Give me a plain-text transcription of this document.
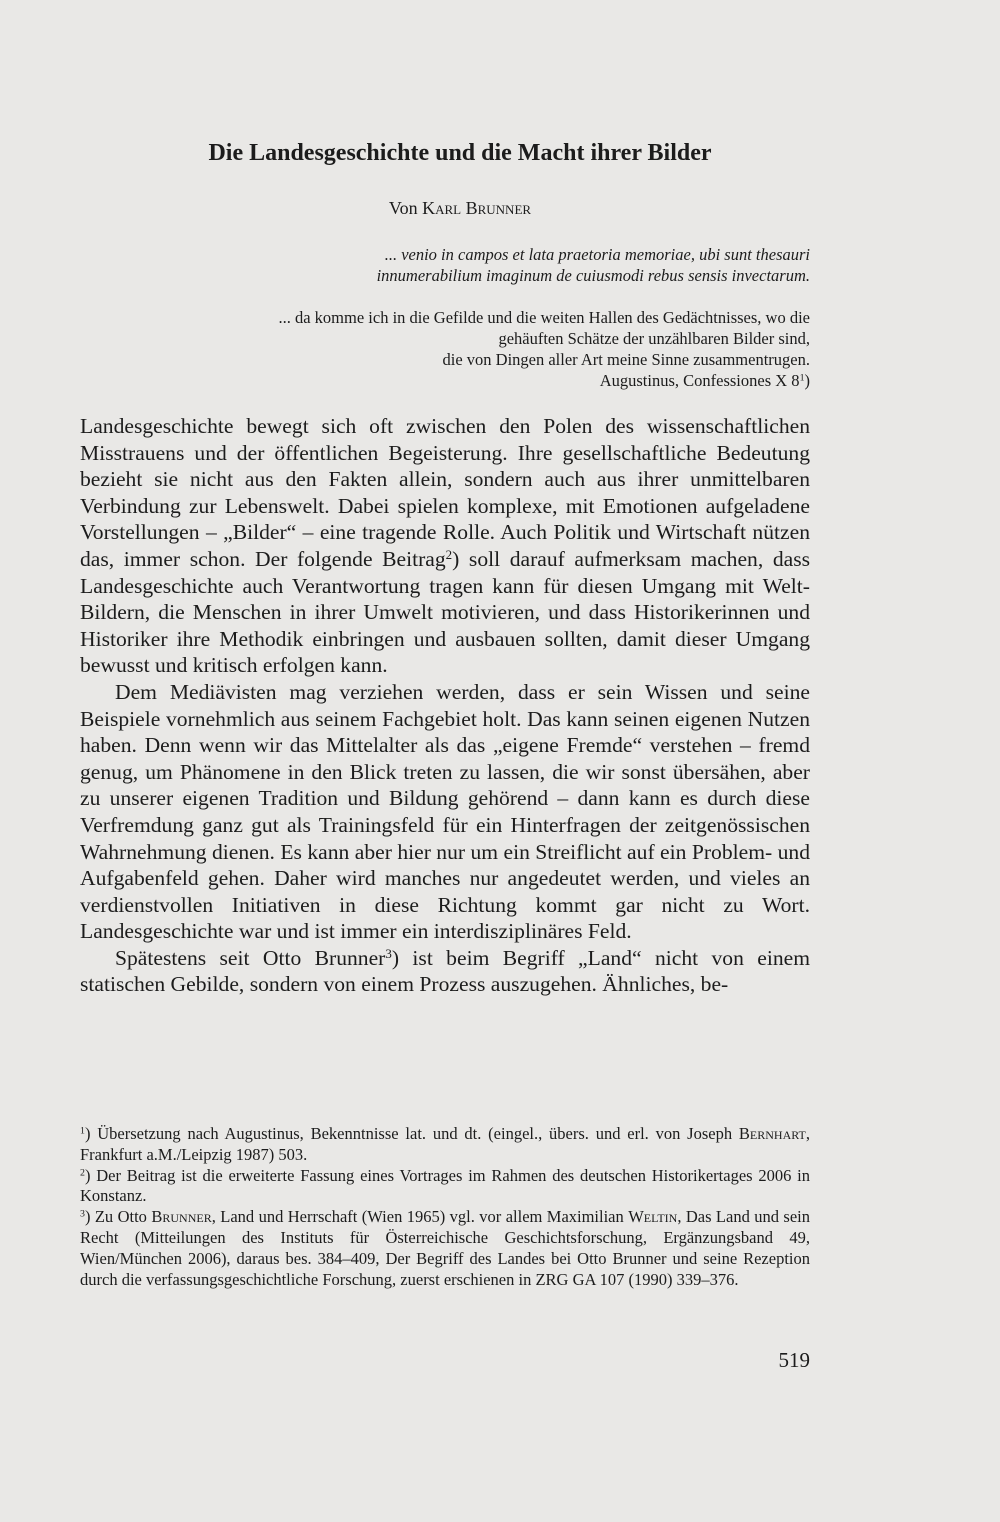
Die Landesgeschichte und die Macht ihrer Bilder
Von Karl Brunner
... venio in campos et lata praetoria memoriae, ubi sunt thesauri
innumerabilium imaginum de cuiusmodi rebus sensis invectarum.
... da komme ich in die Gefilde und die weiten Hallen des Gedächtnisses, wo die
gehäuften Schätze der unzählbaren Bilder sind,
die von Dingen aller Art meine Sinne zusammentrugen.
Augustinus, Confessiones X $8^1$)

Landesgeschichte bewegt sich oft zwischen den Polen des wissenschaftlichen Misstrauens und der öffentlichen Begeisterung. Ihre gesellschaftliche Bedeutung bezieht sie nicht aus den Fakten allein, sondern auch aus ihrer unmittelbaren Verbindung zur Lebenswelt. Dabei spielen komplexe, mit Emotionen aufgeladene Vorstellungen – „Bilder“ – eine tragende Rolle. Auch Politik und Wirtschaft nützen das, immer schon. Der folgende Beitrag$^2$) soll darauf aufmerksam machen, dass Landesgeschichte auch Verantwortung tragen kann für diesen Umgang mit Welt-Bildern, die Menschen in ihrer Umwelt motivieren, und dass Historikerinnen und Historiker ihre Methodik einbringen und ausbauen sollten, damit dieser Umgang bewusst und kritisch erfolgen kann.

Dem Mediävisten mag verziehen werden, dass er sein Wissen und seine Beispiele vornehmlich aus seinem Fachgebiet holt. Das kann seinen eigenen Nutzen haben. Denn wenn wir das Mittelalter als das „eigene Fremde“ verstehen – fremd genug, um Phänomene in den Blick treten zu lassen, die wir sonst übersähen, aber zu unserer eigenen Tradition und Bildung gehörend – dann kann es durch diese Verfremdung ganz gut als Trainingsfeld für ein Hinterfragen der zeitgenössischen Wahrnehmung dienen. Es kann aber hier nur um ein Streiflicht auf ein Problem- und Aufgabenfeld gehen. Daher wird manches nur angedeutet werden, und vieles an verdienstvollen Initiativen in diese Richtung kommt gar nicht zu Wort. Landesgeschichte war und ist immer ein interdisziplinäres Feld.

Spätestens seit Otto Brunner$^3$) ist beim Begriff „Land“ nicht von einem statischen Gebilde, sondern von einem Prozess auszugehen. Ähnliches, be-

$^1$) Übersetzung nach Augustinus, Bekenntnisse lat. und dt. (eingel., übers. und erl. von Joseph Bernhart, Frankfurt a.M./Leipzig 1987) 503.

$^2$) Der Beitrag ist die erweiterte Fassung eines Vortrages im Rahmen des deutschen Historikertages 2006 in Konstanz.

$^3$) Zu Otto Brunner, Land und Herrschaft (Wien 1965) vgl. vor allem Maximilian Weltin, Das Land und sein Recht (Mitteilungen des Instituts für Österreichische Geschichtsforschung, Ergänzungsband 49, Wien/München 2006), daraus bes. 384–409, Der Begriff des Landes bei Otto Brunner und seine Rezeption durch die verfassungsgeschichtliche Forschung, zuerst erschienen in ZRG GA 107 (1990) 339–376.

519
